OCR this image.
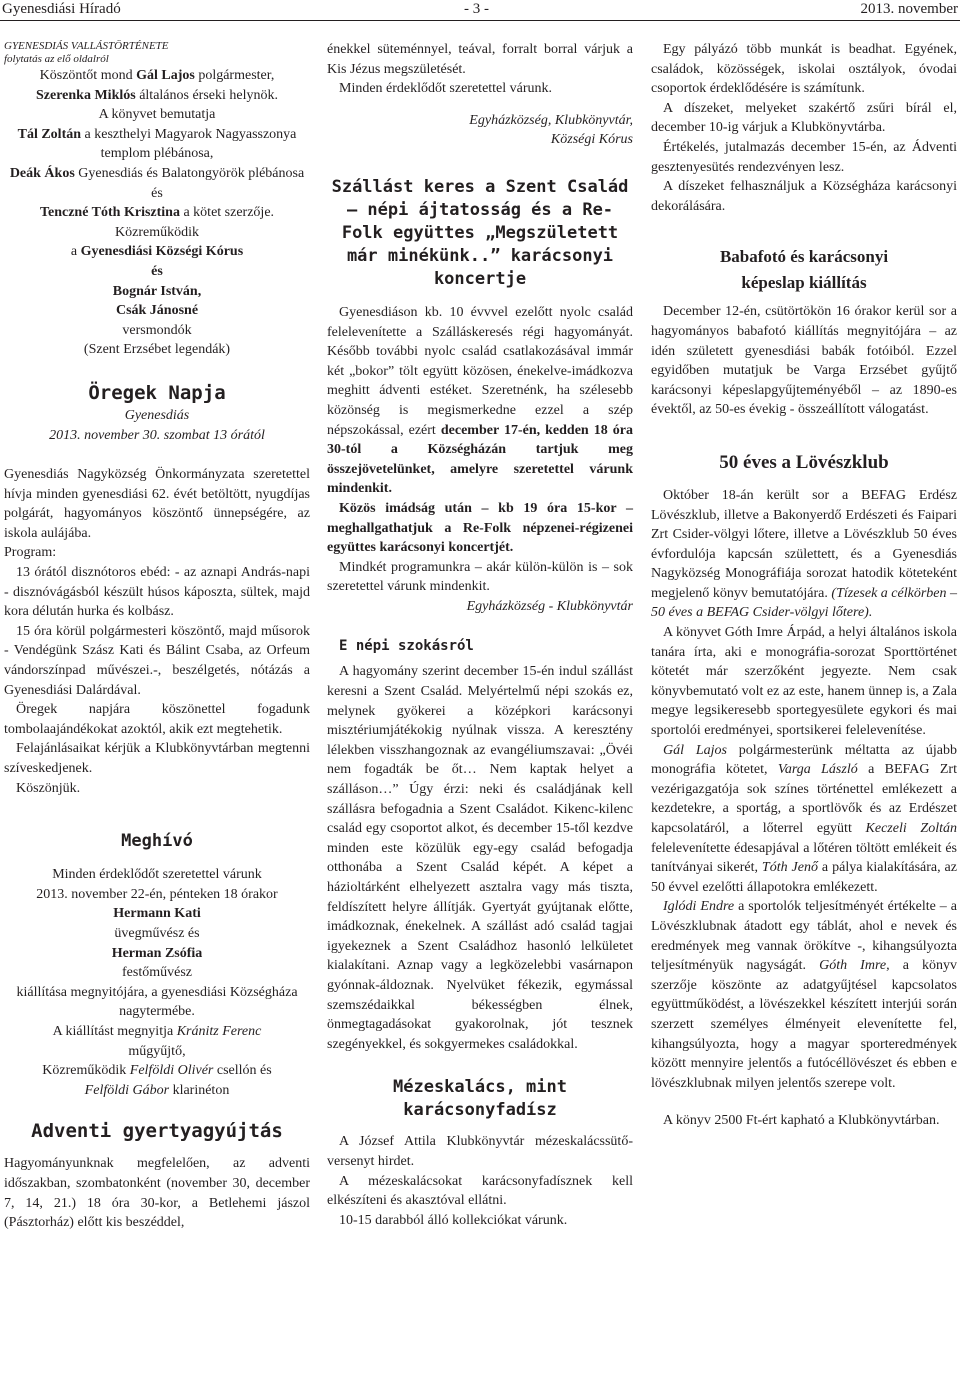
Gyenesdiási Híradó	- 3 -	2013. november

GYENESDIÁS VALLÁSTÖRTÉNETE

folytatás az elő oldalról

Köszöntőt mond Gál Lajos polgármester,
Szerenka Miklós általános érseki helynök.

A könyvet bemutatja

Tál Zoltán a keszthelyi Magyarok Nagyasszonya templom plébánosa,

Deák Ákos Gyenesdiás és Balatongyörök plébánosa

és

Tenczné Tóth Krisztina a kötet szerzője.

Közreműködik

a Gyenesdiási Községi Kórus

és

Bognár István,

Csák Jánosné

versmondók

(Szent Erzsébet legendák)

Öregek Napja

Gyenesdiás

2013. november 30. szombat 13 órától

Gyenesdiás Nagyközség Önkormányzata szeretettel hívja minden gyenesdiási 62. évét betöltött, nyugdíjas polgárát, hagyományos köszöntő ünnepségére, az iskola aulájába.

Program:

13 órától disznótoros ebéd: - az aznapi András-napi - disznóvágásból készült húsos káposzta, sültek, majd kora délután hurka és kolbász.

15 óra körül polgármesteri köszöntő, majd műsorok - Vendégünk Szász Kati és Bálint Csaba, az Orfeum vándorszínpad művészei.-, beszélgetés, nótázás a Gyenesdiási Dalárdával.

Öregek napjára köszönettel fogadunk tombolaajándékokat azoktól, akik ezt megtehetik.

Felajánlásaikat kérjük a Klubkönyvtárban megtenni szíveskedjenek.

Köszönjük.

Meghívó

Minden érdeklődőt szeretettel várunk

2013. november 22-én, pénteken 18 órakor

Hermann Kati

üvegművész és

Herman Zsófia

festőművész

kiállítása megnyitójára, a gyenesdiási Községháza nagytermébe.

A kiállítást megnyitja Kránitz Ferenc

műgyűjtő,

Közreműködik Felföldi Olivér csellón és
Felföldi Gábor klarinéton

Adventi gyertyagyújtás

Hagyományunknak megfelelően, az adventi időszakban, szombatonként (november 30, december 7, 14, 21.) 18 óra 30-kor, a Betlehemi jászol (Pásztorház) előtt kis beszéddel,

énekkel süteménnyel, teával, forralt borral várjuk a Kis Jézus megszületését.

Minden érdeklődőt szeretettel várunk.

Egyházközség, Klubkönyvtár,

Községi Kórus

Szállást keres a Szent Család – népi ájtatosság és a Re-Folk együttes „Megszületett már minékünk..” karácsonyi koncertje

Gyenesdiáson kb. 10 évvvel ezelőtt nyolc család felelevenítette a Szálláskeresés régi hagyományát. Később további nyolc család csatlakozásával immár két „bokor” tölt együtt közösen, énekelve-imádkozva meghitt ádventi estéket. Szeretnénk, ha szélesebb közönség is megismerkedne ezzel a szép népszokással, ezért december 17-én, kedden 18 óra 30-tól a Községházán tartjuk meg összejövetelünket, amelyre szeretettel várunk mindenkit.

Közös imádság után – kb 19 óra 15-kor – meghallgathatjuk a Re-Folk népzenei-régizenei együttes karácsonyi koncertjét.

Mindkét programunkra – akár külön-külön is – sok szeretettel várunk mindenkit.

Egyházközség - Klubkönyvtár

E népi szokásról

A hagyomány szerint december 15-én indul szállást keresni a Szent Család. Melyértelmű népi szokás ez, melynek gyökerei a középkori karácsonyi misztériumjátékokig nyúlnak vissza. A keresztény lélekben visszhangoznak az evangéliumszavai: „Övéi nem fogadták be őt… Nem kaptak helyet a szálláson…” Úgy érzi: neki és családjának kell szállásra befogadnia a Szent Családot. Kikenc-kilenc család egy csoportot alkot, és december 15-től kezdve minden este közülük egy-egy család befogadja otthonába a Szent Család képét. A képet a házioltárként elhelyezett asztalra vagy más tiszta, feldíszített helyre állítják. Gyertyát gyújtanak előtte, imádkoznak, énekelnek. A szállást adó család tagjai igyekeznek a Szent Családhoz hasonló lelkületet kialakítani. Aznap vagy a legközelebbi vasárnapon gyónnak-áldoznak. Nyelvüket fékezik, egymással szemszédaikkal békességben élnek, önmegtagadásokat gyakorolnak, jót tesznek szegényekkel, és sokgyermekes családokkal.

Mézeskalács, mint karácsonyfadísz

A József Attila Klubkönyvtár mézeskalácssütő-versenyt hirdet.

A mézeskalácsokat karácsonyfadísznek kell elkészíteni és akasztóval ellátni.

10-15 darabból álló kollekciókat várunk.

Egy pályázó több munkát is beadhat. Egyének, családok, közösségek, iskolai osztályok, óvodai csoportok érdeklődésére is számítunk.

A díszeket, melyeket szakértő zsűri bírál el, december 10-ig várjuk a Klubkönyvtárba.

Értékelés, jutalmazás december 15-én, az Ádventi gesztenyesütés rendezvényen lesz.

A díszeket felhasználjuk a Községháza karácsonyi dekorálására.

Babafotó és karácsonyi

képeslap kiállítás

December 12-én, csütörtökön 16 órakor kerül sor a hagyományos babafotó kiállítás megnyitójára – az idén született gyenesdiási babák fotóiból. Ezzel egyidőben mutatjuk be Varga Erzsébet gyűjtő karácsonyi képeslapgyűjteményéből – az 1890-es évektől, az 50-es évekig - összeállított válogatást.

50 éves a Lövészklub

Október 18-án került sor a BEFAG Erdész Lövészklub, illetve a Bakonyerdő Erdészeti és Faipari Zrt Csider-völgyi lőtere, illetve a Lövészklub 50 éves évfordulója kapcsán születtett, és a Gyenesdiás Nagyközség Monográfiája sorozat hatodik köteteként megjelenő könyv bemutatójára. (Tízesek a célkörben – 50 éves a BEFAG Csider-völgyi lőtere).

A könyvet Góth Imre Árpád, a helyi általános iskola tanára írta, aki e monográfia-sorozat Sporttörténet kötetét már szerzőként jegyezte. Nem csak könyvbemutató volt ez az este, hanem ünnep is, a Zala megye legsikeresebb sportegyesülete egykori és mai sportolói eredményei, sportsikerei felelevenítése.

Gál Lajos polgármesterünk méltatta az újabb monográfia kötetet, Varga László a BEFAG Zrt vezérigazgatója sok színes történettel emlékezett a kezdetekre, a sportág, a sportlövők és az Erdészet kapcsolatáról, a lőterrel együtt Keczeli Zoltán felelevenítette édesapjával a lőtéren töltött emlékeit és tanítványai sikerét, Tóth Jenő a pálya kialakítására, az 50 évvel ezelőtti állapotokra emlékezett.

Iglódi Endre a sportolók teljesítményét értékelte – a Lövészklubnak átadott egy táblát, ahol e nevek és eredmények meg vannak örökítve -, kihangsúlyozta teljesítményük nagyságát. Góth Imre, a könyv szerzője köszönte az adatgyűjtésel kapcsolatos együttműködést, a lövészekkel készített interjúi során szerzett személyes élményeit elevenítette fel, kihangsúlyozta, hogy a magyar sporteredmények között mennyire jelentős a futócéllövészet és ebben e lövészklubnak milyen jelentős szerepe volt.

A könyv 2500 Ft-ért kapható a Klubkönyvtárban.
